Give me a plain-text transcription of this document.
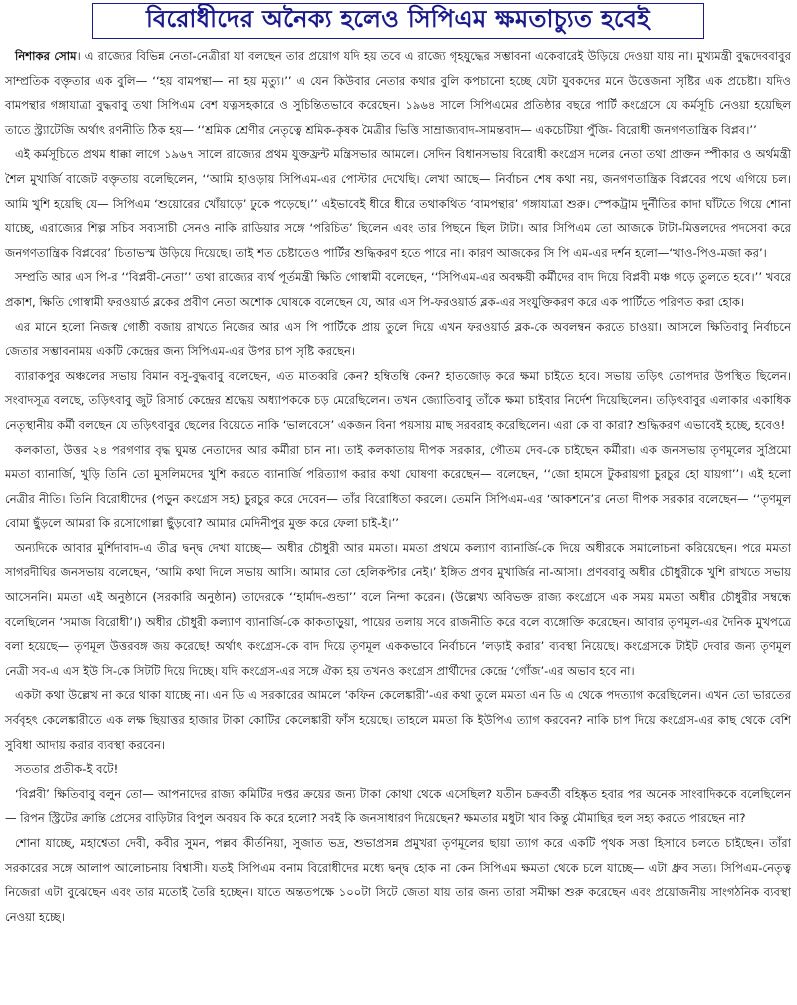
বিরোধীদের অনৈক্য হলেও সিপিএম ক্ষমতাচ্যুত হবেই

নিশাকর সোম। এ রাজ্যের বিভিন্ন নেতা-নেত্রীরা যা বলছেন তার প্রয়োগ যদি হয় তবে এ রাজ্যে গৃহযুদ্ধের সম্ভাবনা একেবারেই উড়িয়ে দেওয়া যায় না। মুখ্যমন্ত্রী বুদ্ধদেববাবুর সাম্প্রতিক বক্তৃতার এক বুলি— ‘‘হয় বামপন্থা— না হয় মৃত্যু।’’ এ যেন কিউবার নেতার কথার বুলি কপচানো হচ্ছে যেটা যুবকদের মনে উত্তেজনা সৃষ্টির এক প্রচেষ্টা। যদিও বামপন্থার গঙ্গাযাত্রা বুদ্ধবাবু তথা সিপিএম বেশ যত্নসহকারে ও সুচিন্তিতভাবে করেছেন। ১৯৬৪ সালে সিপিএমের প্রতিষ্ঠার বছরে পার্টি কংগ্রেসে যে কর্মসূচি নেওয়া হয়েছিল তাতে স্ট্র্যাটেজি অর্থাৎ রণনীতি ঠিক হয়— ‘‘শ্রমিক শ্রেণীর নেতৃত্বে শ্রমিক-কৃষক মৈত্রীর ভিত্তি সাম্রাজ্যবাদ-সামন্তবাদ— একচেটিয়া পুঁজি- বিরোধী জনগণতান্ত্রিক বিপ্লব।’’

এই কর্মসূচিতে প্রথম ধাক্কা লাগে ১৯৬৭ সালে রাজ্যের প্রথম যুক্তফ্রন্ট মন্ত্রিসভার আমলে। সেদিন বিধানসভায় বিরোধী কংগ্রেস দলের নেতা তথা প্রাক্তন স্পীকার ও অর্থমন্ত্রী শৈল মুখার্জি বাজেট বক্তৃতায় বলেছিলেন, ‘‘আমি হাওড়ায় সিপিএম-এর পোস্টার দেখেছি। লেখা আছে— নির্বাচন শেষ কথা নয়, জনগণতান্ত্রিক বিপ্লবের পথে এগিয়ে চল। আমি খুশি হয়েছি যে— সিপিএম ‘শুয়োরের খোঁয়াড়ে’ ঢুকে পড়েছে।’’ এইভাবেই ধীরে ধীরে তথাকথিত ‘বামপন্থার’ গঙ্গাযাত্রা শুরু। স্পেকট্রাম দুর্নীতির কাদা ঘাঁটতে গিয়ে শোনা যাচ্ছে, এরাজ্যের শিল্প সচিব সব্যসাচী সেনও নাকি রাডিয়ার সঙ্গে ‘পরিচিত’ ছিলেন এবং তার পিছনে ছিল টাটা। আর সিপিএম তো আজকে টাটা-মিত্তলদের পদসেবা করে জনগণতান্ত্রিক বিপ্লবের’ চিতাভস্ম উড়িয়ে দিয়েছে। তাই শত চেষ্টাতেও পার্টির শুদ্ধিকরণ হতে পারে না। কারণ আজকের সি পি এম-এর দর্শন হলো—‘খাও-পিও-মজা কর’।

সম্প্রতি আর এস পি-র ‘‘বিপ্লবী-নেতা’’ তথা রাজ্যের ব্যর্থ পূর্তমন্ত্রী ক্ষিতি গোস্বামী বলেছেন, ‘‘সিপিএম-এর অবক্ষয়ী কর্মীদের বাদ দিয়ে বিপ্লবী মঞ্চ গড়ে তুলতে হবে।’’ খবরে প্রকাশ, ক্ষিতি গোস্বামী ফরওয়ার্ড ব্লকের প্রবীণ নেতা অশোক ঘোষকে বলেছেন যে, আর এস পি-ফরওয়ার্ড ব্লক-এর সংযুক্তিকরণ করে এক পার্টিতে পরিণত করা হোক।

এর মানে হলো নিজস্ব গোষ্ঠী বজায় রাখতে নিজের আর এস পি পার্টিকে প্রায় তুলে দিয়ে এখন ফরওয়ার্ড ব্লক-কে অবলম্বন করতে চাওয়া। আসলে ক্ষিতিবাবু নির্বাচনে জেতার সম্ভাবনাময় একটি কেন্দ্রের জন্য সিপিএম-এর উপর চাপ সৃষ্টি করছেন।

ব্যারাকপুর অঞ্চলের সভায় বিমান বসু-বুদ্ধবাবু বলেছেন, এত মাতব্বরি কেন? হম্বিতম্বি কেন? হাতজোড় করে ক্ষমা চাইতে হবে। সভায় তড়িৎ তোপদার উপস্থিত ছিলেন। সংবাদসূত্র বলছে, তড়িৎবাবু জুট রিসার্চ কেন্দ্রের শ্রদ্ধেয় অধ্যাপককে চড় মেরেছিলেন। তখন জ্যোতিবাবু তাঁকে ক্ষমা চাইবার নির্দেশ দিয়েছিলেন। তড়িৎবাবুর এলাকার একাধিক নেতৃস্থানীয় কর্মী বলছেন যে তড়িৎবাবুর ছেলের বিয়েতে নাকি ‘ভালবেসে’ একজন বিনা পয়সায় মাছ সরবরাহ করেছিলেন। এরা কে বা কারা? শুদ্ধিকরণ এভাবেই হচ্ছে, হবেও!

কলকাতা, উত্তর ২৪ পরগণার বৃদ্ধ ঘুমন্ত নেতাদের আর কর্মীরা চান না। তাই কলকাতায় দীপক সরকার, গৌতম দেব-কে চাইছেন কর্মীরা। এক জনসভায় তৃণমূলের সুপ্রিমো মমতা ব্যানার্জি, খুড়ি তিনি তো মুসলিমদের খুশি করতে ব্যানার্জি পরিত্যাগ করার কথা ঘোষণা করেছেন— বলেছেন, ‘‘জো হামসে টুকরায়গা চুরচুর হো যায়গা’’। এই হলো নেত্রীর নীতি। তিনি বিরোধীদের (পড়ুন কংগ্রেস সহ) চুরচুর করে দেবেন— তাঁর বিরোধিতা করলে। তেমনি সিপিএম-এর ‘আকশনে’র নেতা দীপক সরকার বলেছেন— ‘‘তৃণমূল বোমা ছুঁড়লে আমরা কি রসোগোল্লা ছুঁড়বো? আমার মেদিনীপুর মুক্ত করে ফেলা চাই-ই।’’

অন্যদিকে আবার মুর্শিদাবাদ-এ তীব্র দ্বন্দ্ব দেখা যাচ্ছে— অধীর চৌধুরী আর মমতা। মমতা প্রথমে কল্যাণ ব্যানার্জি-কে দিয়ে অধীরকে সমালোচনা করিয়েছেন। পরে মমতা সাগরদীঘির জনসভায় বলেছেন, ‘আমি কথা দিলে সভায় আসি। আমার তো হেলিকপ্টার নেই।’ ইঙ্গিত প্রণব মুখার্জির না-আসা। প্রণববাবু অধীর চৌধুরীকে খুশি রাখতে সভায় আসেননি। মমতা এই অনুষ্ঠানে (সরকারি অনুষ্ঠান) তাদেরকে ‘‘হার্মাদ-গুন্ডা’’ বলে নিন্দা করেন। (উল্লেখ্য অবিভক্ত রাজ্য কংগ্রেসে এক সময় মমতা অধীর চৌধুরীর সম্বন্ধে বলেছিলেন ‘সমাজ বিরোধী’।) অধীর চৌধুরী কল্যাণ ব্যানার্জি-কে কাকতাড়ুয়া, পায়ের তলায় সবে রাজনীতি করে বলে ব্যঙ্গোক্তি করেছেন। আবার তৃণমূল-এর দৈনিক মুখপত্রে বলা হয়েছে— তৃণমূল উত্তরবঙ্গ জয় করেছে! অর্থাৎ কংগ্রেস-কে বাদ দিয়ে তৃণমূল এককভাবে নির্বাচনে ‘লড়াই করার’ ব্যবস্থা নিয়েছে। কংগ্রেসকে টাইট দেবার জন্য তৃণমূল নেত্রী সব-এ এস ইউ সি-কে সিটটি দিয়ে দিচ্ছে। যদি কংগ্রেস-এর সঙ্গে ঐক্য হয় তখনও কংগ্রেস প্রার্থীদের কেন্দ্রে ‘গোঁজ’-এর অভাব হবে না।

একটা কথা উল্লেখ না করে থাকা যাচ্ছে না। এন ডি এ সরকারের আমলে ‘কফিন কেলেঙ্কারী’-এর কথা তুলে মমতা এন ডি এ থেকে পদত্যাগ করেছিলেন। এখন তো ভারতের সর্ববৃহৎ কেলেঙ্কারীতে এক লক্ষ ছিয়াত্তর হাজার টাকা কোটির কেলেঙ্কারী ফাঁস হয়েছে। তাহলে মমতা কি ইউপিএ ত্যাগ করবেন? নাকি চাপ দিয়ে কংগ্রেস-এর কাছ থেকে বেশি সুবিধা আদায় করার ব্যবস্থা করবেন।

সততার প্রতীক-ই বটে!

‘বিপ্লবী’ ক্ষিতিবাবু বলুন তো— আপনাদের রাজ্য কমিটির দপ্তর ক্রয়ের জন্য টাকা কোথা থেকে এসেছিল? যতীন চক্রবর্তী বহিষ্কৃত হবার পর অনেক সাংবাদিককে বলেছিলেন— রিপন স্ট্রিটের ক্রান্তি প্রেসের বাড়িটার বিপুল অবয়ব কি করে হলো? সবই কি জনসাধারণ দিয়েছেন? ক্ষমতার মধুটা খাব কিন্তু মৌমাছির হুল সহ্য করতে পারছেন না?

শোনা যাচ্ছে, মহাশ্বেতা দেবী, কবীর সুমন, পল্লব কীর্তনিয়া, সুজাত ভদ্র, শুভাপ্রসন্ন প্রমুখরা তৃণমূলের ছায়া ত্যাগ করে একটি পৃথক সত্তা হিসাবে চলতে চাইছেন। তাঁরা সরকারের সঙ্গে আলাপ আলোচনায় বিশ্বাসী। যতই সিপিএম বনাম বিরোধীদের মধ্যে দ্বন্দ্ব হোক না কেন সিপিএম ক্ষমতা থেকে চলে যাচ্ছে— এটা ধ্রুব সত্য। সিপিএম-নেতৃত্ব নিজেরা এটা বুঝেছেন এবং তার মতোই তৈরি হচ্ছেন। যাতে অন্ততপক্ষে ১০০টা সিটে জেতা যায় তার জন্য তারা সমীক্ষা শুরু করেছেন এবং প্রয়োজনীয় সাংগঠনিক ব্যবস্থা নেওয়া হচ্ছে।
